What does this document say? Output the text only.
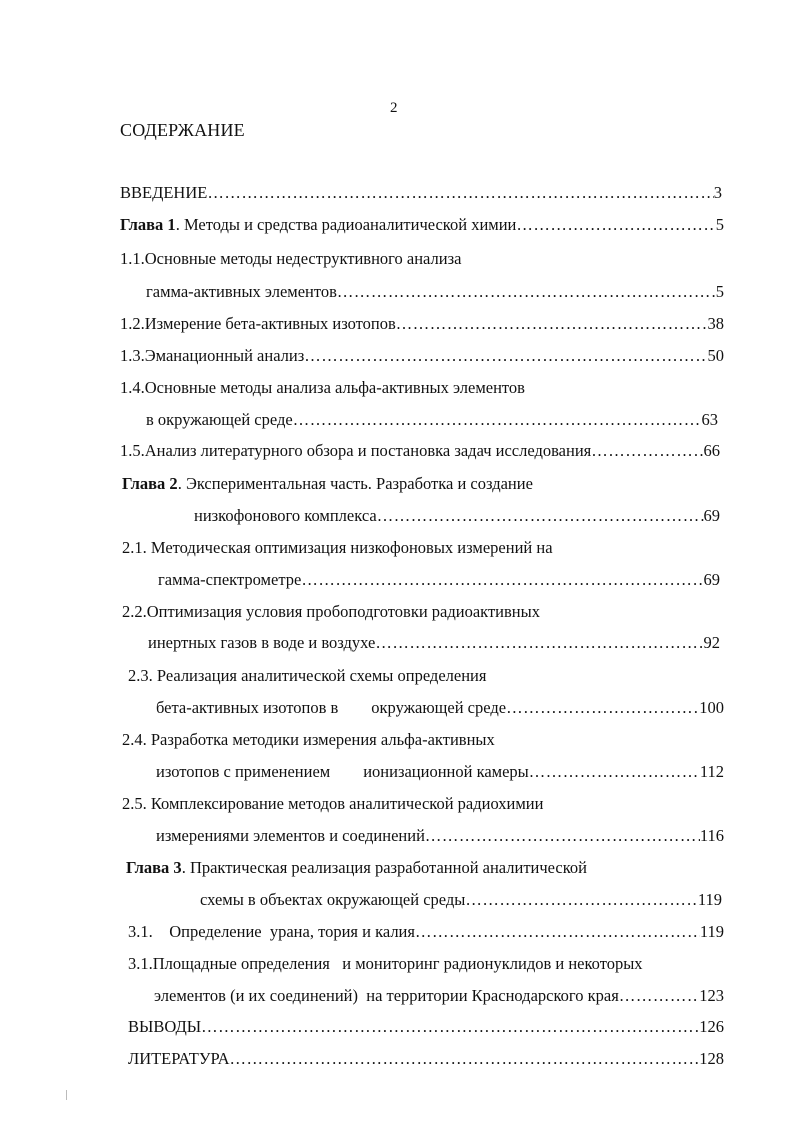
2
СОДЕРЖАНИЕ
ВВЕДЕНИЕ …………………………………………………………………………………………………………………………………………………………………………	3
Глава 1. Методы и средства радиоаналитической химии …………………………………………………………………………………………………………………………………………………………………………	5
1.1.Основные методы недеструктивного анализа
гамма-активных элементов …………………………………………………………………………………………………………………………………………………………………………	5
1.2.Измерение бета-активных изотопов …………………………………………………………………………………………………………………………………………………………………………	38
1.3.Эманационный анализ …………………………………………………………………………………………………………………………………………………………………………	50
1.4.Основные методы анализа альфа-активных элементов
в окружающей среде …………………………………………………………………………………………………………………………………………………………………………	63
1.5.Анализ литературного обзора и постановка задач исследования …………………………………………………………………………………………………………………………………………………………………………	66
Глава 2. Экспериментальная часть. Разработка и создание
низкофонового комплекса …………………………………………………………………………………………………………………………………………………………………………	69
2.1. Методическая оптимизация низкофоновых измерений на
гамма-спектрометре …………………………………………………………………………………………………………………………………………………………………………	69
2.2.Оптимизация условия пробоподготовки радиоактивных
инертных газов в воде и воздухе …………………………………………………………………………………………………………………………………………………………………………	92
2.3. Реализация аналитической схемы определения
бета-активных изотопов в        окружающей среде …………………………………………………………………………………………………………………………………………………………………………	100
2.4. Разработка методики измерения альфа-активных
изотопов с применением        ионизационной камеры …………………………………………………………………………………………………………………………………………………………………………	112
2.5. Комплексирование методов аналитической радиохимии
измерениями элементов и соединений …………………………………………………………………………………………………………………………………………………………………………	116
Глава 3. Практическая реализация разработанной аналитической
схемы в объектах окружающей среды …………………………………………………………………………………………………………………………………………………………………………	119
3.1.    Определение  урана, тория и калия …………………………………………………………………………………………………………………………………………………………………………	119
3.1.Площадные определения   и мониторинг радионуклидов и некоторых
элементов (и их соединений)  на территории Краснодарского края …………………………………………………………………………………………………………………………………………………………………………	123
ВЫВОДЫ …………………………………………………………………………………………………………………………………………………………………………	126
ЛИТЕРАТУРА …………………………………………………………………………………………………………………………………………………………………………	128
